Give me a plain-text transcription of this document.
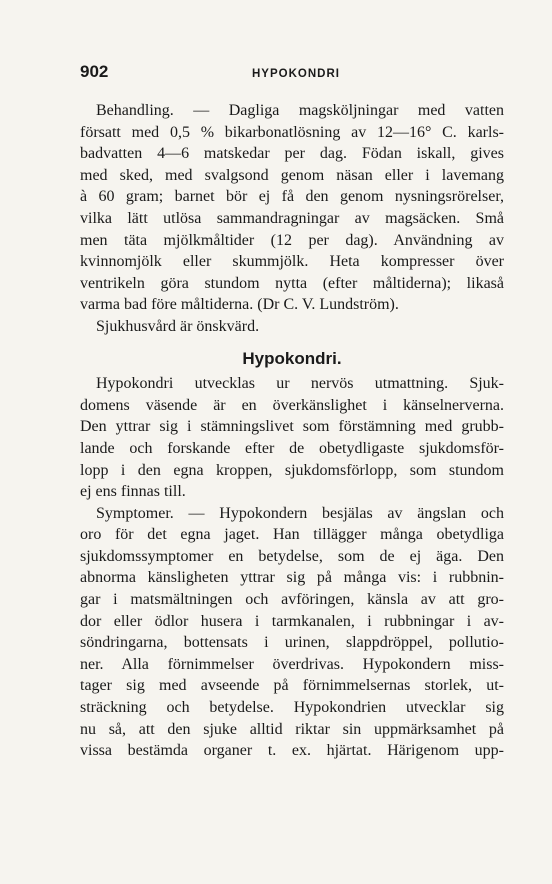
902	HYPOKONDRI
Behandling. — Dagliga magsköljningar med vatten
försatt med 0,5 % bikarbonatlösning av 12—16° C. karls-
badvatten 4—6 matskedar per dag. Födan iskall, gives
med sked, med svalgsond genom näsan eller i lavemang
à 60 gram; barnet bör ej få den genom nysningsrörelser,
vilka lätt utlösa sammandragningar av magsäcken. Små
men täta mjölkmåltider (12 per dag). Användning av
kvinnomjölk eller skummjölk. Heta kompresser över
ventrikeln göra stundom nytta (efter måltiderna); likaså
varma bad före måltiderna. (Dr C. V. Lundström).
Sjukhusvård är önskvärd.
Hypokondri.
Hypokondri utvecklas ur nervös utmattning. Sjuk-
domens väsende är en överkänslighet i känselnerverna.
Den yttrar sig i stämningslivet som förstämning med grubb-
lande och forskande efter de obetydligaste sjukdomsför-
lopp i den egna kroppen, sjukdomsförlopp, som stundom
ej ens finnas till.
Symptomer. — Hypokondern besjälas av ängslan och
oro för det egna jaget. Han tillägger många obetydliga
sjukdomssymptomer en betydelse, som de ej äga. Den
abnorma känsligheten yttrar sig på många vis: i rubbnin-
gar i matsmältningen och avföringen, känsla av att gro-
dor eller ödlor husera i tarmkanalen, i rubbningar i av-
söndringarna, bottensats i urinen, slappdröppel, pollutio-
ner. Alla förnimmelser överdrivas. Hypokondern miss-
tager sig med avseende på förnimmelsernas storlek, ut-
sträckning och betydelse. Hypokondrien utvecklar sig
nu så, att den sjuke alltid riktar sin uppmärksamhet på
vissa bestämda organer t. ex. hjärtat. Härigenom upp-
